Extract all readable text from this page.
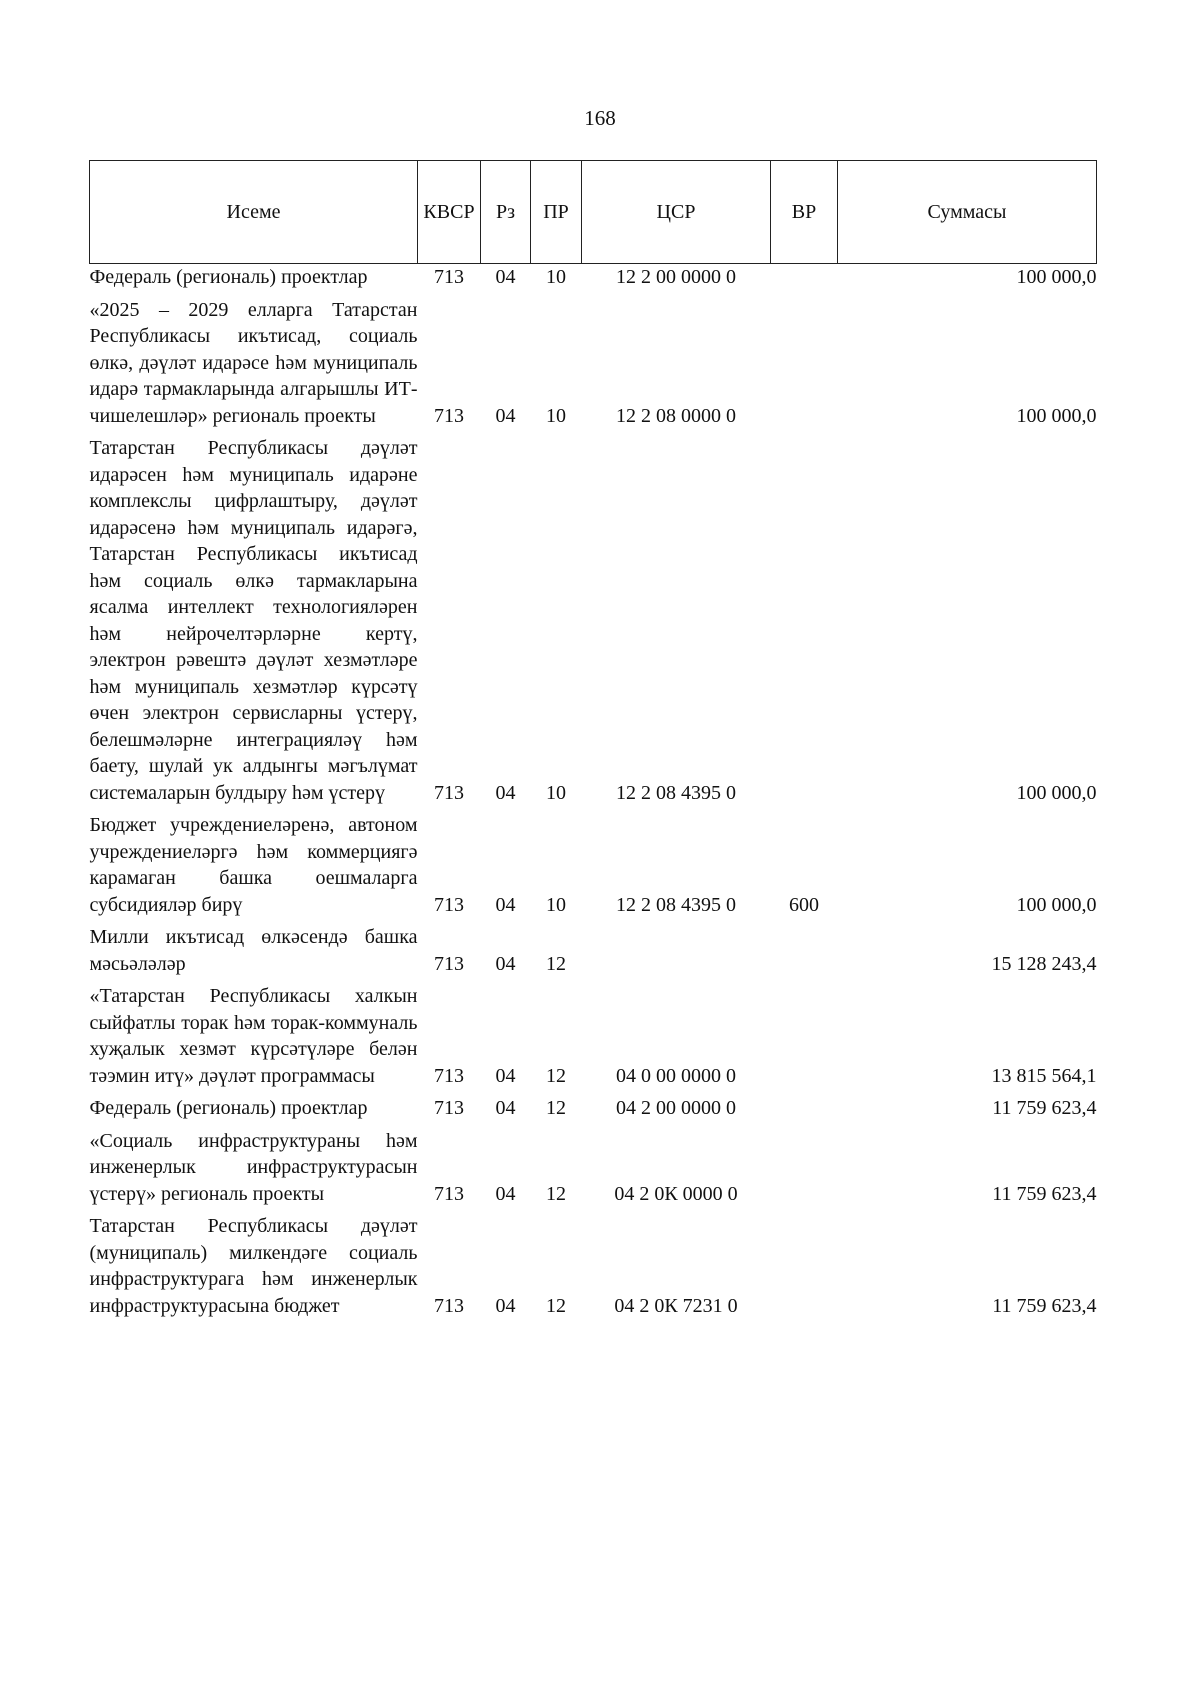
168
Исеме	КВСР	Рз	ПР	ЦСР	ВР	Суммасы
Федераль (региональ) проектлар	713	04	10	12 2 00 0000 0		100 000,0
«2025 – 2029 елларга Татарстан Республикасы икътисад, социаль өлкә, дәүләт идарәсе һәм муниципаль идарә тармакларында алгарышлы ИТ-чишелешләр» региональ проекты	713	04	10	12 2 08 0000 0		100 000,0
Татарстан Республикасы дәүләт идарәсен һәм муниципаль идарәне комплекслы цифрлаштыру, дәүләт идарәсенә һәм муниципаль идарәгә, Татарстан Республикасы икътисад һәм социаль өлкә тармакларына ясалма интеллект технологияләрен һәм нейрочелтәрләрне кертү, электрон рәвештә дәүләт хезмәтләре һәм муниципаль хезмәтләр күрсәтү өчен электрон сервисларны үстерү, белешмәләрне интеграцияләү һәм баету, шулай ук алдынгы мәгълүмат системаларын булдыру һәм үстерү	713	04	10	12 2 08 4395 0		100 000,0
Бюджет учреждениеләренә, автоном учреждениеләргә һәм коммерциягә карамаган башка оешмаларга субсидияләр бирү	713	04	10	12 2 08 4395 0	600	100 000,0
Милли икътисад өлкәсендә башка мәсьәләләр	713	04	12			15 128 243,4
«Татарстан Республикасы халкын сыйфатлы торак һәм торак-коммуналь хуҗалык хезмәт күрсәтүләре белән тәэмин итү» дәүләт программасы	713	04	12	04 0 00 0000 0		13 815 564,1
Федераль (региональ) проектлар	713	04	12	04 2 00 0000 0		11 759 623,4
«Социаль инфраструктураны һәм инженерлык инфраструктурасын үстерү» региональ проекты	713	04	12	04 2 0К 0000 0		11 759 623,4
Татарстан Республикасы дәүләт (муниципаль) милкендәге социаль инфраструктурага һәм инженерлык инфраструктурасына бюджет	713	04	12	04 2 0К 7231 0		11 759 623,4
